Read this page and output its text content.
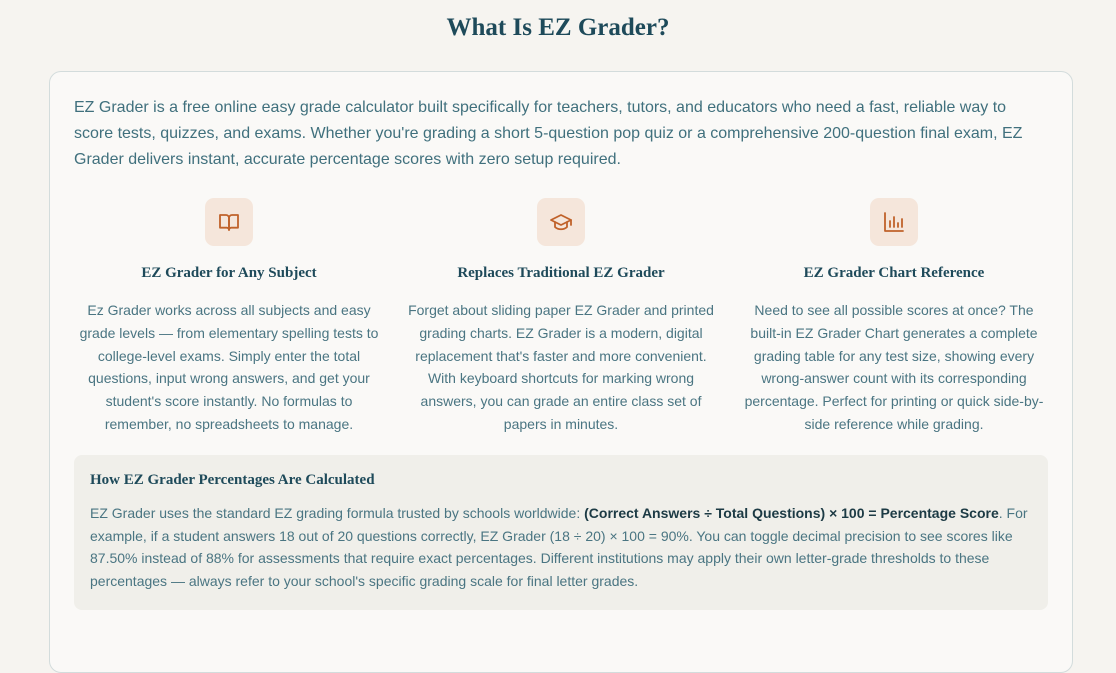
What Is EZ Grader?

EZ Grader is a free online easy grade calculator built specifically for teachers, tutors, and educators who need a fast, reliable way to score tests, quizzes, and exams. Whether you're grading a short 5-question pop quiz or a comprehensive 200-question final exam, EZ Grader delivers instant, accurate percentage scores with zero setup required.

EZ Grader for Any Subject

Ez Grader works across all subjects and easy grade levels — from elementary spelling tests to college-level exams. Simply enter the total questions, input wrong answers, and get your student's score instantly. No formulas to remember, no spreadsheets to manage.

Replaces Traditional EZ Grader

Forget about sliding paper EZ Grader and printed grading charts. EZ Grader is a modern, digital replacement that's faster and more convenient. With keyboard shortcuts for marking wrong answers, you can grade an entire class set of papers in minutes.

EZ Grader Chart Reference

Need to see all possible scores at once? The built-in EZ Grader Chart generates a complete grading table for any test size, showing every wrong-answer count with its corresponding percentage. Perfect for printing or quick side-by-side reference while grading.

How EZ Grader Percentages Are Calculated

EZ Grader uses the standard EZ grading formula trusted by schools worldwide: (Correct Answers ÷ Total Questions) × 100 = Percentage Score. For example, if a student answers 18 out of 20 questions correctly, EZ Grader (18 ÷ 20) × 100 = 90%. You can toggle decimal precision to see scores like 87.50% instead of 88% for assessments that require exact percentages. Different institutions may apply their own letter-grade thresholds to these percentages — always refer to your school's specific grading scale for final letter grades.
